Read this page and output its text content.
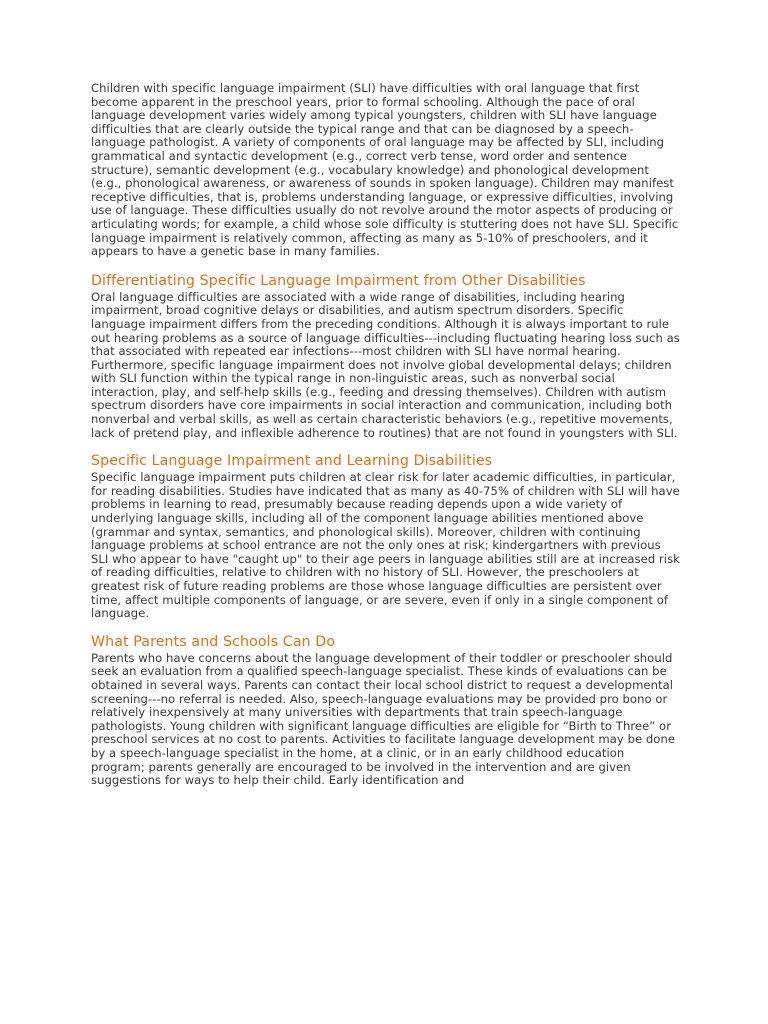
Children with specific language impairment (SLI) have difficulties with oral language that first become apparent in the preschool years, prior to formal schooling. Although the pace of oral language development varies widely among typical youngsters, children with SLI have language difficulties that are clearly outside the typical range and that can be diagnosed by a speech-language pathologist. A variety of components of oral language may be affected by SLI, including grammatical and syntactic development (e.g., correct verb tense, word order and sentence structure), semantic development (e.g., vocabulary knowledge) and phonological development (e.g., phonological awareness, or awareness of sounds in spoken language). Children may manifest receptive difficulties, that is, problems understanding language, or expressive difficulties, involving use of language. These difficulties usually do not revolve around the motor aspects of producing or articulating words; for example, a child whose sole difficulty is stuttering does not have SLI. Specific language impairment is relatively common, affecting as many as 5-10% of preschoolers, and it appears to have a genetic base in many families.

Differentiating Specific Language Impairment from Other Disabilities

Oral language difficulties are associated with a wide range of disabilities, including hearing impairment, broad cognitive delays or disabilities, and autism spectrum disorders. Specific language impairment differs from the preceding conditions. Although it is always important to rule out hearing problems as a source of language difficulties---including fluctuating hearing loss such as that associated with repeated ear infections---most children with SLI have normal hearing. Furthermore, specific language impairment does not involve global developmental delays; children with SLI function within the typical range in non-linguistic areas, such as nonverbal social interaction, play, and self-help skills (e.g., feeding and dressing themselves). Children with autism spectrum disorders have core impairments in social interaction and communication, including both nonverbal and verbal skills, as well as certain characteristic behaviors (e.g., repetitive movements, lack of pretend play, and inflexible adherence to routines) that are not found in youngsters with SLI.

Specific Language Impairment and Learning Disabilities

Specific language impairment puts children at clear risk for later academic difficulties, in particular, for reading disabilities. Studies have indicated that as many as 40-75% of children with SLI will have problems in learning to read, presumably because reading depends upon a wide variety of underlying language skills, including all of the component language abilities mentioned above (grammar and syntax, semantics, and phonological skills). Moreover, children with continuing language problems at school entrance are not the only ones at risk; kindergartners with previous SLI who appear to have "caught up" to their age peers in language abilities still are at increased risk of reading difficulties, relative to children with no history of SLI. However, the preschoolers at greatest risk of future reading problems are those whose language difficulties are persistent over time, affect multiple components of language, or are severe, even if only in a single component of language.

What Parents and Schools Can Do

Parents who have concerns about the language development of their toddler or preschooler should seek an evaluation from a qualified speech-language specialist. These kinds of evaluations can be obtained in several ways. Parents can contact their local school district to request a developmental screening---no referral is needed. Also, speech-language evaluations may be provided pro bono or relatively inexpensively at many universities with departments that train speech-language pathologists. Young children with significant language difficulties are eligible for “Birth to Three” or preschool services at no cost to parents. Activities to facilitate language development may be done by a speech-language specialist in the home, at a clinic, or in an early childhood education program; parents generally are encouraged to be involved in the intervention and are given suggestions for ways to help their child. Early identification and
